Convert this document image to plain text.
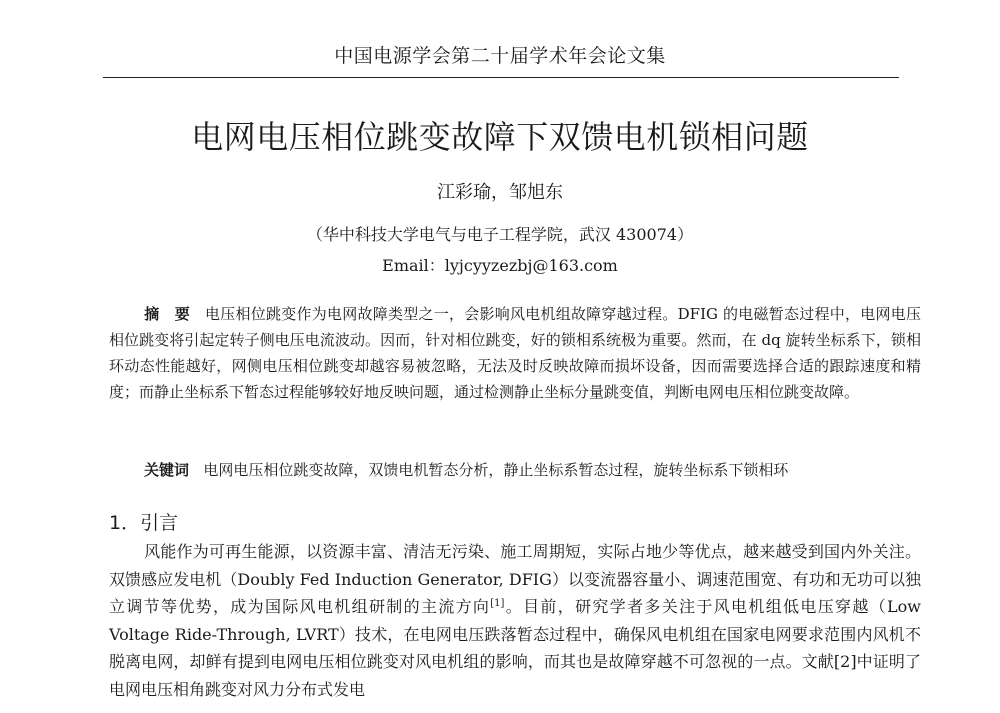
中国电源学会第二十届学术年会论文集
电网电压相位跳变故障下双馈电机锁相问题
江彩瑜，邹旭东
（华中科技大学电气与电子工程学院，武汉 430074）
Email：lyjcyyzezbj@163.com
摘　要 电压相位跳变作为电网故障类型之一，会影响风电机组故障穿越过程。DFIG 的电磁暂态过程中，电网电压相位跳变将引起定转子侧电压电流波动。因而，针对相位跳变，好的锁相系统极为重要。然而，在 dq 旋转坐标系下，锁相环动态性能越好，网侧电压相位跳变却越容易被忽略，无法及时反映故障而损坏设备，因而需要选择合适的跟踪速度和精度；而静止坐标系下暂态过程能够较好地反映问题，通过检测静止坐标分量跳变值，判断电网电压相位跳变故障。
关键词 电网电压相位跳变故障，双馈电机暂态分析，静止坐标系暂态过程，旋转坐标系下锁相环
1．引言
风能作为可再生能源，以资源丰富、清洁无污染、施工周期短，实际占地少等优点，越来越受到国内外关注。双馈感应发电机（Doubly Fed Induction Generator, DFIG）以变流器容量小、调速范围宽、有功和无功可以独立调节等优势，成为国际风电机组研制的主流方向[1]。目前，研究学者多关注于风电机组低电压穿越（Low Voltage Ride-Through, LVRT）技术，在电网电压跌落暂态过程中，确保风电机组在国家电网要求范围内风机不脱离电网，却鲜有提到电网电压相位跳变对风电机组的影响，而其也是故障穿越不可忽视的一点。文献[2]中证明了电网电压相角跳变对风力分布式发电
